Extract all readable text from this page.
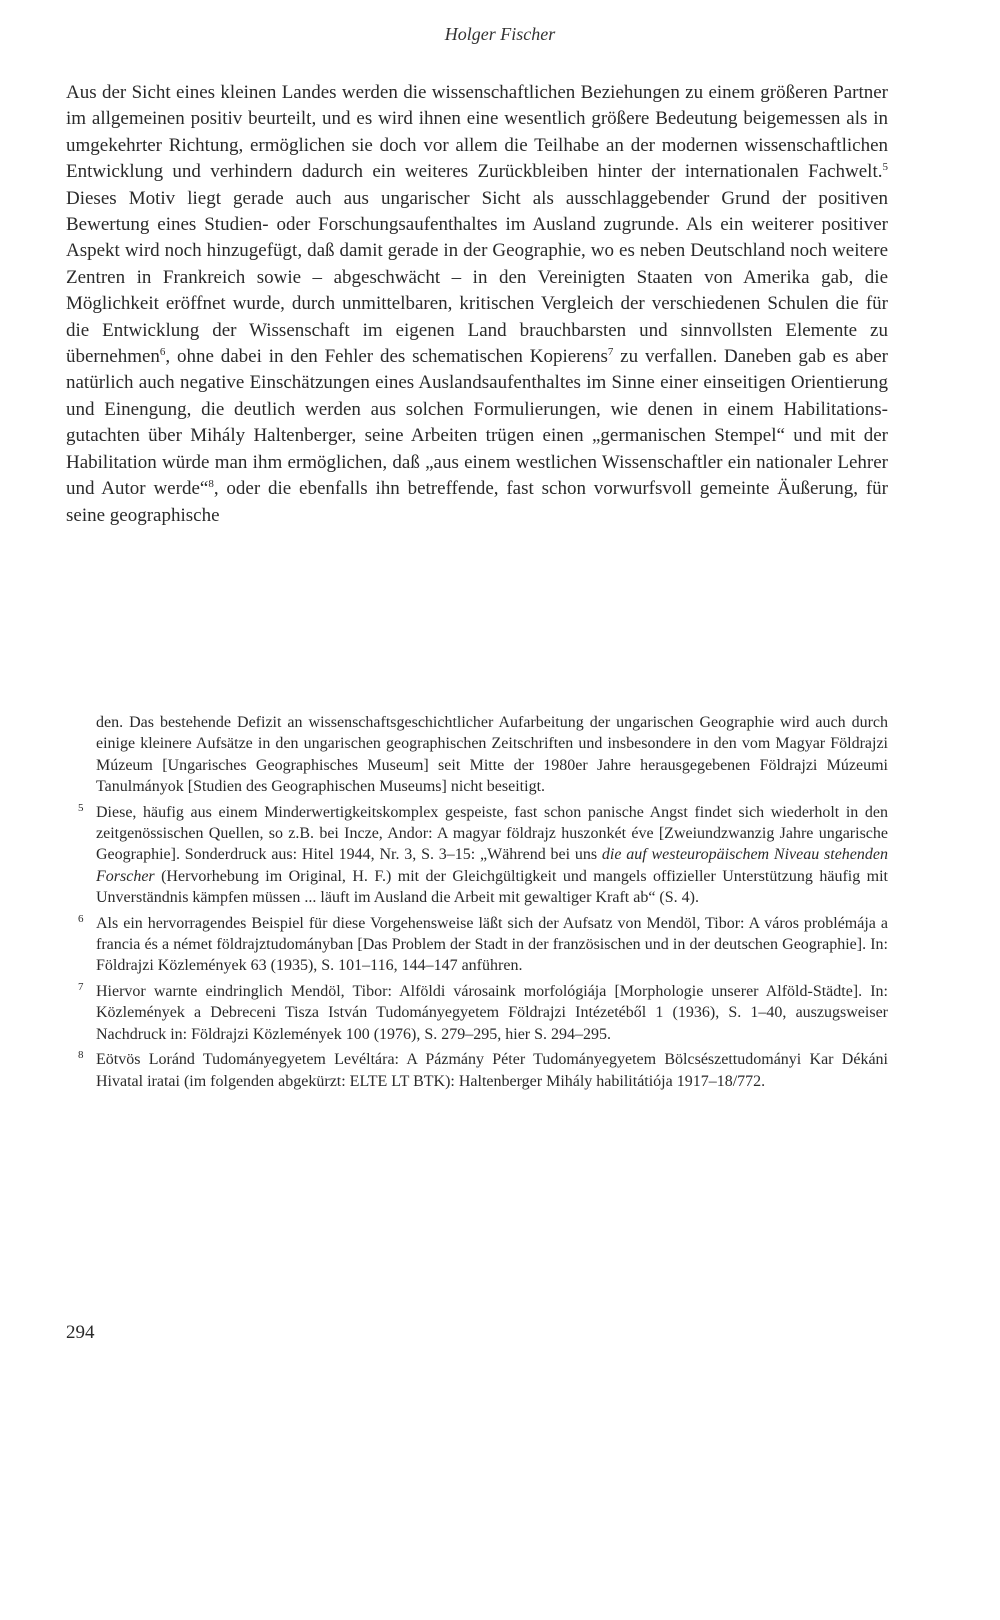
Holger Fischer

Aus der Sicht eines kleinen Landes werden die wissenschaftlichen Beziehungen zu einem größeren Partner im allgemeinen positiv beurteilt, und es wird ihnen eine wesentlich größere Bedeutung beigemessen als in umgekehrter Richtung, ermöglichen sie doch vor allem die Teilhabe an der modernen wissenschaftlichen Entwicklung und verhindern dadurch ein weiteres Zurückbleiben hinter der internationalen Fachwelt.$^5$ Dieses Motiv liegt gerade auch aus ungarischer Sicht als ausschlaggebender Grund der positiven Bewertung eines Studien- oder Forschungsaufenthaltes im Ausland zugrunde. Als ein weiterer positiver Aspekt wird noch hinzugefügt, daß damit gerade in der Geographie, wo es neben Deutschland noch weitere Zentren in Frankreich sowie – abgeschwächt – in den Vereinigten Staaten von Amerika gab, die Möglichkeit eröffnet wurde, durch unmittelbaren, kritischen Vergleich der verschiedenen Schulen die für die Entwicklung der Wissenschaft im eigenen Land brauchbarsten und sinnvollsten Elemente zu übernehmen$^6$, ohne dabei in den Fehler des schematischen Kopierens$^7$ zu verfallen. Daneben gab es aber natürlich auch negative Einschätzungen eines Auslandsaufenthaltes im Sinne einer einseitigen Orientierung und Einengung, die deutlich werden aus solchen Formulierungen, wie denen in einem Habilitationsgutachten über Mihály Haltenberger, seine Arbeiten trügen einen „germanischen Stempel“ und mit der Habilitation würde man ihm ermöglichen, daß „aus einem westlichen Wissenschaftler ein nationaler Lehrer und Autor werde“$^8$, oder die ebenfalls ihn betreffende, fast schon vorwurfsvoll gemeinte Äußerung, für seine geographische

den. Das bestehende Defizit an wissenschaftsgeschichtlicher Aufarbeitung der ungarischen Geographie wird auch durch einige kleinere Aufsätze in den ungarischen geographischen Zeitschriften und insbesondere in den vom Magyar Földrajzi Múzeum [Ungarisches Geographisches Museum] seit Mitte der 1980er Jahre herausgegebenen Földrajzi Múzeumi Tanulmányok [Studien des Geographischen Museums] nicht beseitigt.

5 Diese, häufig aus einem Minderwertigkeitskomplex gespeiste, fast schon panische Angst findet sich wiederholt in den zeitgenössischen Quellen, so z.B. bei Incze, Andor: A magyar földrajz huszonkét éve [Zweiundzwanzig Jahre ungarische Geographie]. Sonderdruck aus: Hitel 1944, Nr. 3, S. 3–15: „Während bei uns die auf westeuropäischem Niveau stehenden Forscher (Hervorhebung im Original, H. F.) mit der Gleichgültigkeit und mangels offizieller Unterstützung häufig mit Unverständnis kämpfen müssen ... läuft im Ausland die Arbeit mit gewaltiger Kraft ab“ (S. 4).

6 Als ein hervorragendes Beispiel für diese Vorgehensweise läßt sich der Aufsatz von Mendöl, Tibor: A város problémája a francia és a német földrajztudományban [Das Problem der Stadt in der französischen und in der deutschen Geographie]. In: Földrajzi Közlemények 63 (1935), S. 101–116, 144–147 anführen.

7 Hiervor warnte eindringlich Mendöl, Tibor: Alföldi városaink morfológiája [Morphologie unserer Alföld-Städte]. In: Közlemények a Debreceni Tisza István Tudományegyetem Földrajzi Intézetéből 1 (1936), S. 1–40, auszugsweiser Nachdruck in: Földrajzi Közlemények 100 (1976), S. 279–295, hier S. 294–295.

8 Eötvös Loránd Tudományegyetem Levéltára: A Pázmány Péter Tudományegyetem Bölcsészettudományi Kar Dékáni Hivatal iratai (im folgenden abgekürzt: ELTE LT BTK): Haltenberger Mihály habilitátiója 1917–18/772.

294
